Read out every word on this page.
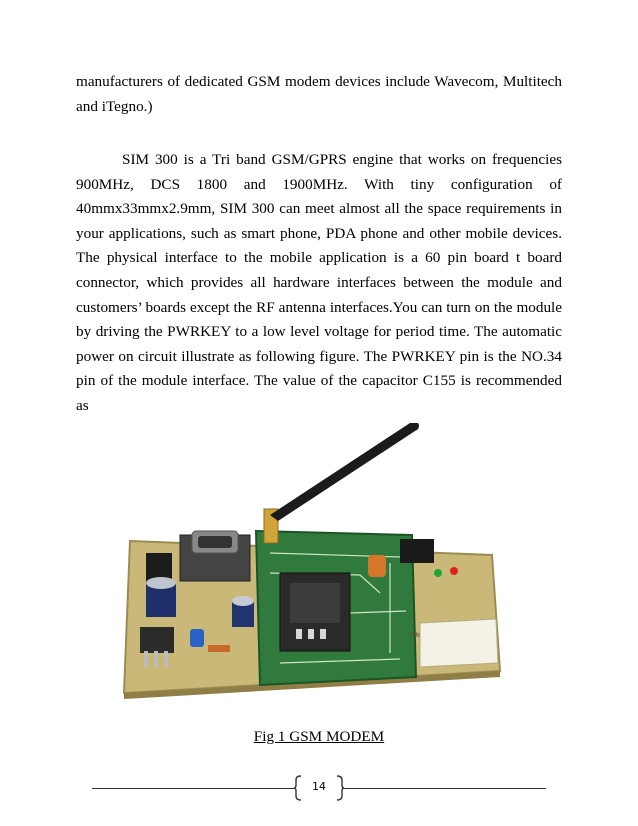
manufacturers of dedicated GSM modem devices include Wavecom, Multitech and iTegno.)

SIM 300 is a Tri band GSM/GPRS engine that works on frequencies 900MHz, DCS 1800 and 1900MHz. With tiny configuration of 40mmx33mmx2.9mm, SIM 300 can meet almost all the space requirements in your applications, such as smart phone, PDA phone and other mobile devices. The physical interface to the mobile application is a 60 pin board t board connector, which provides all hardware interfaces between the module and customers’ boards except the RF antenna interfaces.You can turn on the module by driving the PWRKEY to a low level voltage for period time. The automatic power on circuit illustrate as following figure. The PWRKEY pin is the NO.34 pin of the module interface. The value of the capacitor C155 is recommended as

PSN
Fig 1 GSM MODEM
14
